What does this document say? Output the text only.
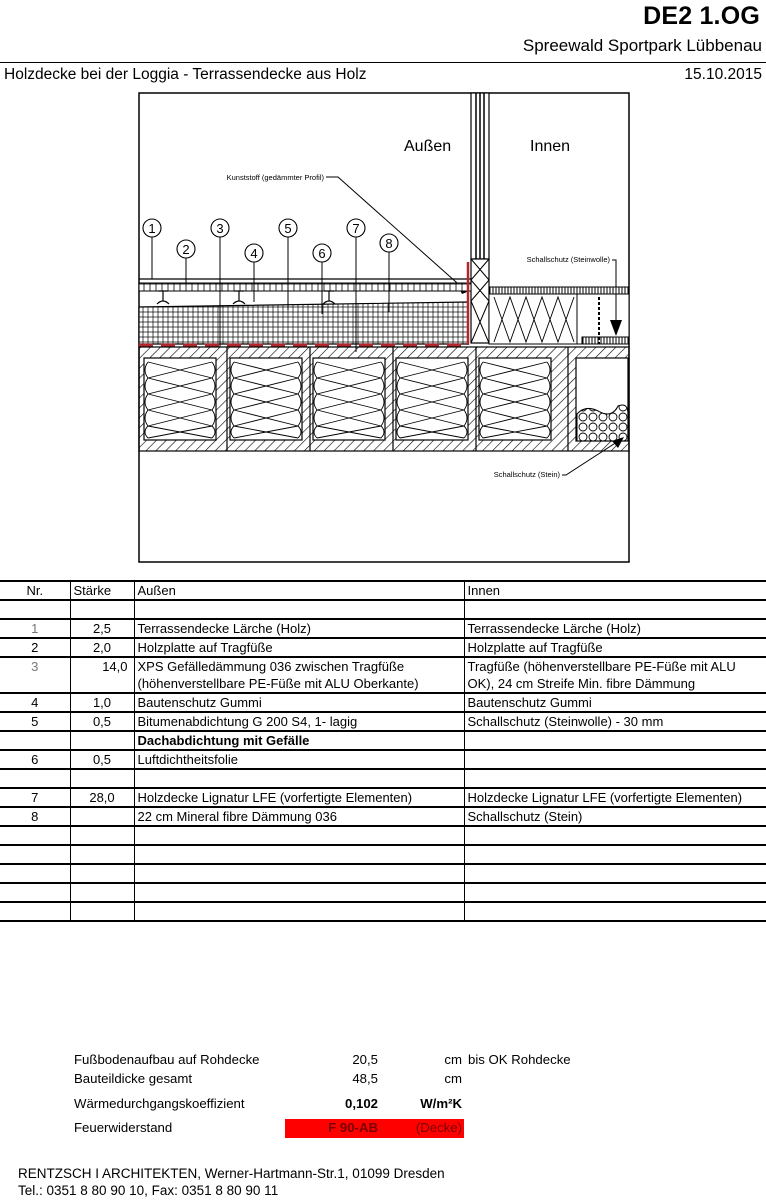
DE2 1.OG
Spreewald Sportpark Lübbenau
Holzdecke bei der Loggia - Terrassendecke aus Holz	15.10.2015
Außen	Innen
Kunststoff (gedämmter Profil)
Schallschutz (Steinwolle)
Schallschutz (Stein)
1
2
3
4
5
6
7
8
Nr.	Stärke	Außen	Innen

1	2,5	Terrassendecke Lärche (Holz)	Terrassendecke Lärche (Holz)
2	2,0	Holzplatte auf Tragfüße	Holzplatte auf Tragfüße
3	14,0	XPS Gefälledämmung 036 zwischen Tragfüße	Tragfüße (höhenverstellbare PE-Füße mit ALU
		(höhenverstellbare PE-Füße mit ALU Oberkante)	OK), 24 cm Streife Min. fibre Dämmung
4	1,0	Bautenschutz Gummi	Bautenschutz Gummi
5	0,5	Bitumenabdichtung G 200 S4, 1- lagig	Schallschutz (Steinwolle) - 30 mm
		Dachabdichtung mit Gefälle	
6	0,5	Luftdichtheitsfolie	

7	28,0	Holzdecke Lignatur LFE (vorfertigte Elementen)	Holzdecke Lignatur LFE (vorfertigte Elementen)
8		22 cm Mineral fibre Dämmung 036	Schallschutz (Stein)

Fußbodenaufbau auf Rohdecke	20,5	cm bis OK Rohdecke
Bauteildicke gesamt	48,5	cm
Wärmedurchgangskoeffizient	0,102	W/m²K
Feuerwiderstand	F 90-AB	(Decke)
RENTZSCH I ARCHITEKTEN, Werner-Hartmann-Str.1, 01099 Dresden
Tel.: 0351 8 80 90 10, Fax: 0351 8 80 90 11
